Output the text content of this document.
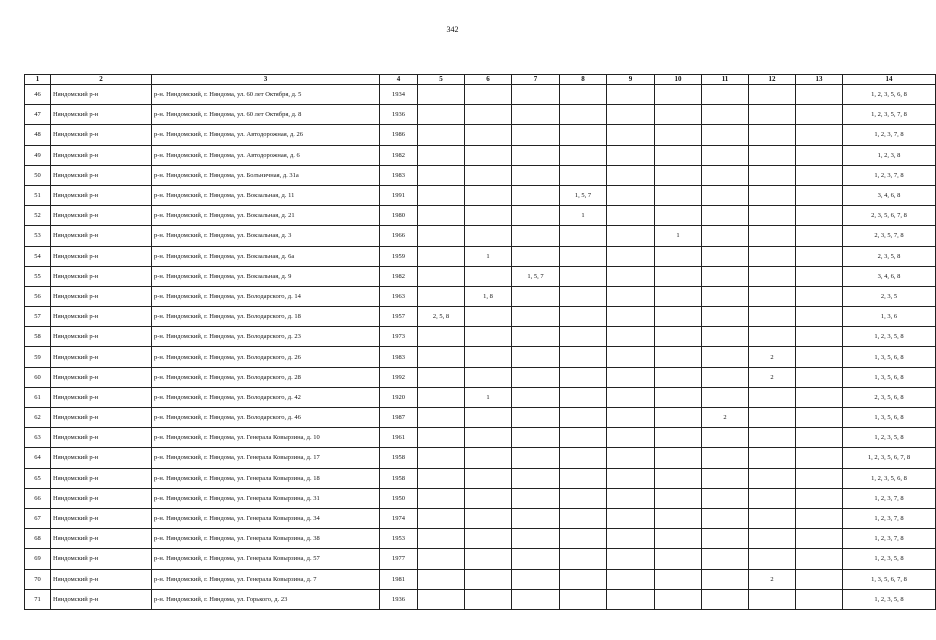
342
1	2	3	4	5	6	7	8	9	10	11	12	13	14
46	Няндомский р-н	р-н. Няндомский, г. Няндома, ул. 60 лет Октября, д. 5	1934										1, 2, 3, 5, 6, 8
47	Няндомский р-н	р-н. Няндомский, г. Няндома, ул. 60 лет Октября, д. 8	1936										1, 2, 3, 5, 7, 8
48	Няндомский р-н	р-н. Няндомский, г. Няндома, ул. Автодорожная, д. 26	1986										1, 2, 3, 7, 8
49	Няндомский р-н	р-н. Няндомский, г. Няндома, ул. Автодорожная, д. 6	1982										1, 2, 3, 8
50	Няндомский р-н	р-н. Няндомский, г. Няндома, ул. Болъничная, д. 31а	1983										1, 2, 3, 7, 8
51	Няндомский р-н	р-н. Няндомский, г. Няндома, ул. Вокзальная, д. 11	1991				1, 5, 7						3, 4, 6, 8
52	Няндомский р-н	р-н. Няндомский, г. Няндома, ул. Вокзальная, д. 21	1980				1						2, 3, 5, 6, 7, 8
53	Няндомский р-н	р-н. Няндомский, г. Няндома, ул. Вокзальная, д. 3	1966						1				2, 3, 5, 7, 8
54	Няндомский р-н	р-н. Няндомский, г. Няндома, ул. Вокзальная, д. 6а	1959		1								2, 3, 5, 8
55	Няндомский р-н	р-н. Няндомский, г. Няндома, ул. Вокзальная, д. 9	1982			1, 5, 7							3, 4, 6, 8
56	Няндомский р-н	р-н. Няндомский, г. Няндома, ул. Володарского, д. 14	1963		1, 8								2, 3, 5
57	Няндомский р-н	р-н. Няндомский, г. Няндома, ул. Володарского, д. 18	1957	2, 5, 8									1, 3, 6
58	Няндомский р-н	р-н. Няндомский, г. Няндома, ул. Володарского, д. 23	1973										1, 2, 3, 5, 8
59	Няндомский р-н	р-н. Няндомский, г. Няндома, ул. Володарского, д. 26	1983								2		1, 3, 5, 6, 8
60	Няндомский р-н	р-н. Няндомский, г. Няндома, ул. Володарского, д. 28	1992								2		1, 3, 5, 6, 8
61	Няндомский р-н	р-н. Няндомский, г. Няндома, ул. Володарского, д. 42	1920		1								2, 3, 5, 6, 8
62	Няндомский р-н	р-н. Няндомский, г. Няндома, ул. Володарского, д. 46	1987							2			1, 3, 5, 6, 8
63	Няндомский р-н	р-н. Няндомский, г. Няндома, ул. Генерала Ковырзина, д. 10	1961										1, 2, 3, 5, 8
64	Няндомский р-н	р-н. Няндомский, г. Няндома, ул. Генерала Ковырзина, д. 17	1958										1, 2, 3, 5, 6, 7, 8
65	Няндомский р-н	р-н. Няндомский, г. Няндома, ул. Генерала Ковырзина, д. 18	1958										1, 2, 3, 5, 6, 8
66	Няндомский р-н	р-н. Няндомский, г. Няндома, ул. Генерала Ковырзина, д. 31	1950										1, 2, 3, 7, 8
67	Няндомский р-н	р-н. Няндомский, г. Няндома, ул. Генерала Ковырзина, д. 34	1974										1, 2, 3, 7, 8
68	Няндомский р-н	р-н. Няндомский, г. Няндома, ул. Генерала Ковырзина, д. 38	1953										1, 2, 3, 7, 8
69	Няндомский р-н	р-н. Няндомский, г. Няндома, ул. Генерала Ковырзина, д. 57	1977										1, 2, 3, 5, 8
70	Няндомский р-н	р-н. Няндомский, г. Няндома, ул. Генерала Ковырзина, д. 7	1981								2		1, 3, 5, 6, 7, 8
71	Няндомский р-н	р-н. Няндомский, г. Няндома, ул. Горького, д. 23	1936										1, 2, 3, 5, 8
